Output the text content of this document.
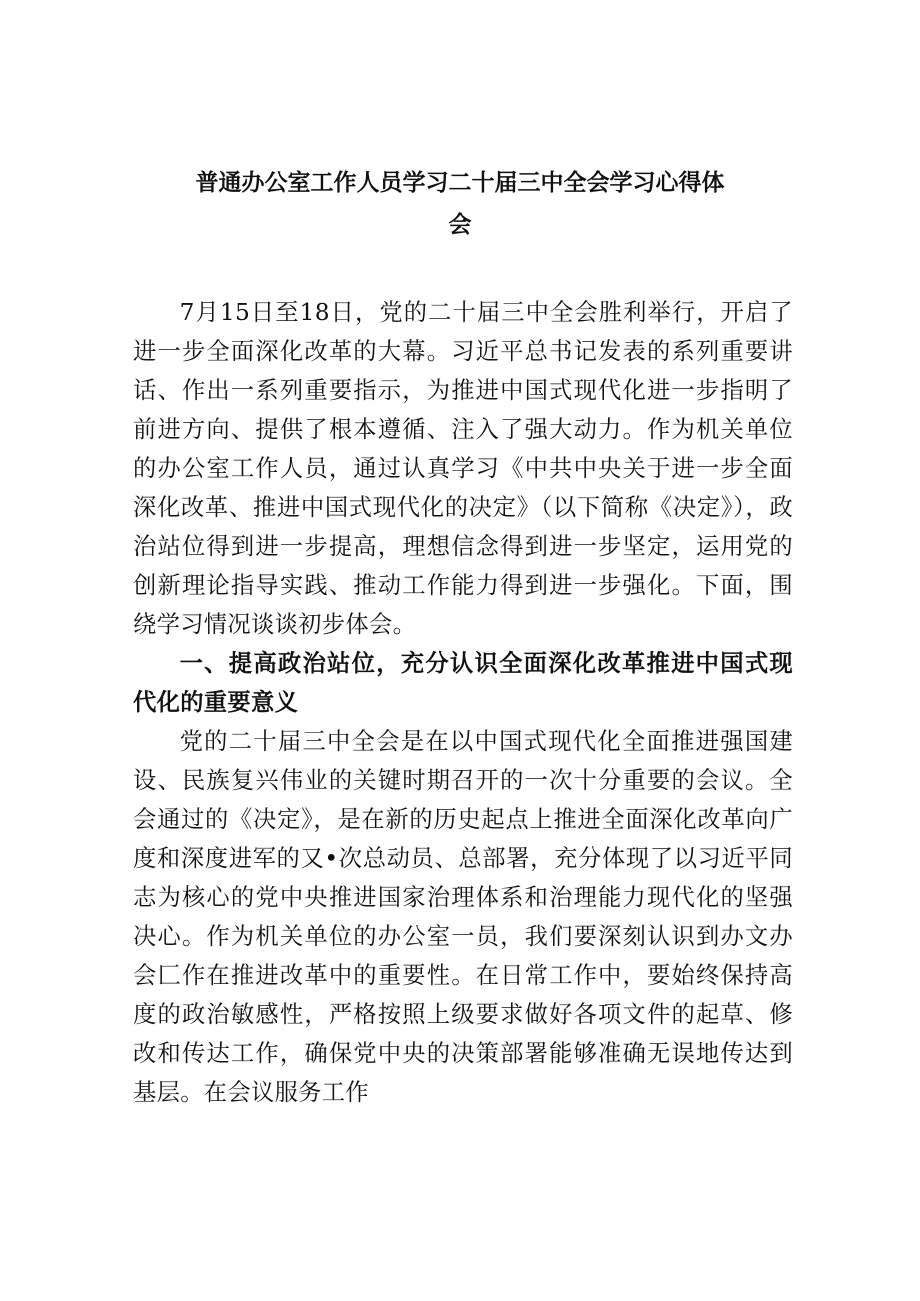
普通办公室工作人员学习二十届三中全会学习心得体
会

7月15日至18日，党的二十届三中全会胜利举行，开启了进一步全面深化改革的大幕。习近平总书记发表的系列重要讲话、作出一系列重要指示，为推进中国式现代化进一步指明了前进方向、提供了根本遵循、注入了强大动力。作为机关单位的办公室工作人员，通过认真学习《中共中央关于进一步全面深化改革、推进中国式现代化的决定》（以下简称《决定》），政治站位得到进一步提高，理想信念得到进一步坚定，运用党的创新理论指导实践、推动工作能力得到进一步强化。下面，围绕学习情况谈谈初步体会。

一、提高政治站位，充分认识全面深化改革推进中国式现代化的重要意义

党的二十届三中全会是在以中国式现代化全面推进强国建设、民族复兴伟业的关键时期召开的一次十分重要的会议。全会通过的《决定》，是在新的历史起点上推进全面深化改革向广度和深度进军的又•次总动员、总部署，充分体现了以习近平同志为核心的党中央推进国家治理体系和治理能力现代化的坚强决心。作为机关单位的办公室一员，我们要深刻认识到办文办会匚作在推进改革中的重要性。在日常工作中，要始终保持高度的政治敏感性，严格按照上级要求做好各项文件的起草、修改和传达工作，确保党中央的决策部署能够准确无误地传达到基层。在会议服务工作
